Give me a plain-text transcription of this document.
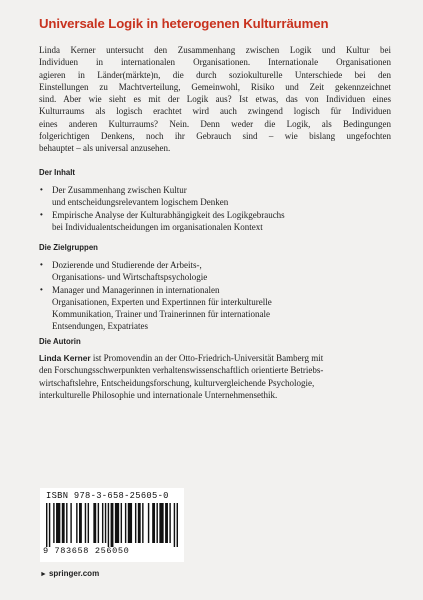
Universale Logik in heterogenen Kulturräumen
Linda Kerner untersucht den Zusammenhang zwischen Logik und Kultur bei
Individuen in internationalen Organisationen. Internationale Organisationen
agieren in Länder(märkte)n, die durch soziokulturelle Unterschiede bei den
Einstellungen zu Machtverteilung, Gemeinwohl, Risiko und Zeit gekennzeichnet
sind. Aber wie sieht es mit der Logik aus? Ist etwas, das von Individuen eines
Kulturraums als logisch erachtet wird auch zwingend logisch für Individuen
eines anderen Kulturraums? Nein. Denn weder die Logik, als Bedingungen
folgerichtigen Denkens, noch ihr Gebrauch sind – wie bislang ungefochten
behauptet – als universal anzusehen.
Der Inhalt
• Der Zusammenhang zwischen Kultur
und entscheidungsrelevantem logischem Denken
• Empirische Analyse der Kulturabhängigkeit des Logikgebrauchs
bei Individualentscheidungen im organisationalen Kontext
Die Zielgruppen
• Dozierende und Studierende der Arbeits-,
Organisations- und Wirtschaftspsychologie
• Manager und Managerinnen in internationalen
Organisationen, Experten und Expertinnen für interkulturelle
Kommunikation, Trainer und Trainerinnen für internationale
Entsendungen, Expatriates
Die Autorin
Linda Kerner ist Promovendin an der Otto-Friedrich-Universität Bamberg mit
den Forschungsschwerpunkten verhaltenswissenschaftlich orientierte Betriebs-
wirtschaftslehre, Entscheidungsforschung, kulturvergleichende Psychologie,
interkulturelle Philosophie und internationale Unternehmensethik.
ISBN 978-3-658-25605-0
9 783658 256050
► springer.com
